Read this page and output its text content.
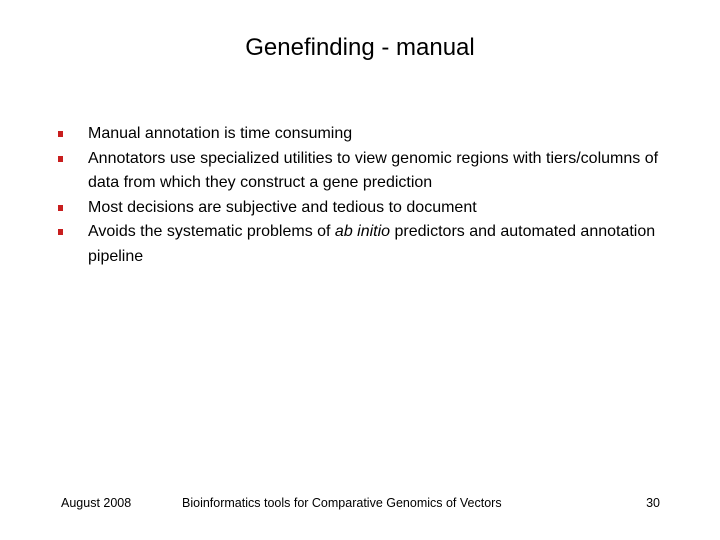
Genefinding - manual
Manual annotation is time consuming
Annotators use specialized utilities to view genomic regions with tiers/columns of data from which they construct a gene prediction
Most decisions are subjective and tedious to document
Avoids the systematic problems of ab initio predictors and automated annotation pipeline
August 2008	Bioinformatics tools for Comparative Genomics of Vectors	30
